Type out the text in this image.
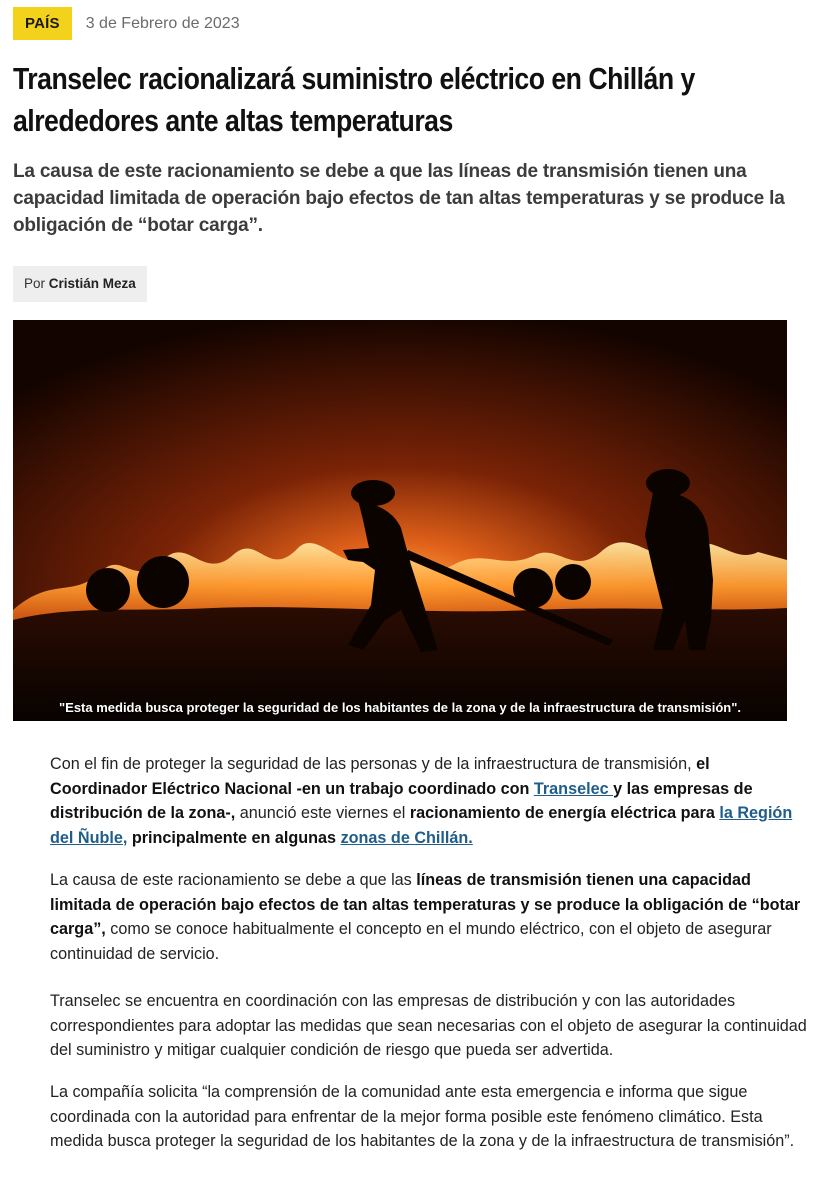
PAÍS	3 de Febrero de 2023
Transelec racionalizará suministro eléctrico en Chillán y alrededores ante altas temperaturas

La causa de este racionamiento se debe a que las líneas de transmisión tienen una capacidad limitada de operación bajo efectos de tan altas temperaturas y se produce la obligación de “botar carga”.

Por Cristián Meza
"Esta medida busca proteger la seguridad de los habitantes de la zona y de la infraestructura de transmisión".

Con el fin de proteger la seguridad de las personas y de la infraestructura de transmisión, el Coordinador Eléctrico Nacional -en un trabajo coordinado con Transelec y las empresas de distribución de la zona-, anunció este viernes el racionamiento de energía eléctrica para la Región del Ñuble, principalmente en algunas zonas de Chillán.

La causa de este racionamiento se debe a que las líneas de transmisión tienen una capacidad limitada de operación bajo efectos de tan altas temperaturas y se produce la obligación de “botar carga”, como se conoce habitualmente el concepto en el mundo eléctrico, con el objeto de asegurar continuidad de servicio.

Transelec se encuentra en coordinación con las empresas de distribución y con las autoridades correspondientes para adoptar las medidas que sean necesarias con el objeto de asegurar la continuidad del suministro y mitigar cualquier condición de riesgo que pueda ser advertida.

La compañía solicita “la comprensión de la comunidad ante esta emergencia e informa que sigue coordinada con la autoridad para enfrentar de la mejor forma posible este fenómeno climático. Esta medida busca proteger la seguridad de los habitantes de la zona y de la infraestructura de transmisión”.
